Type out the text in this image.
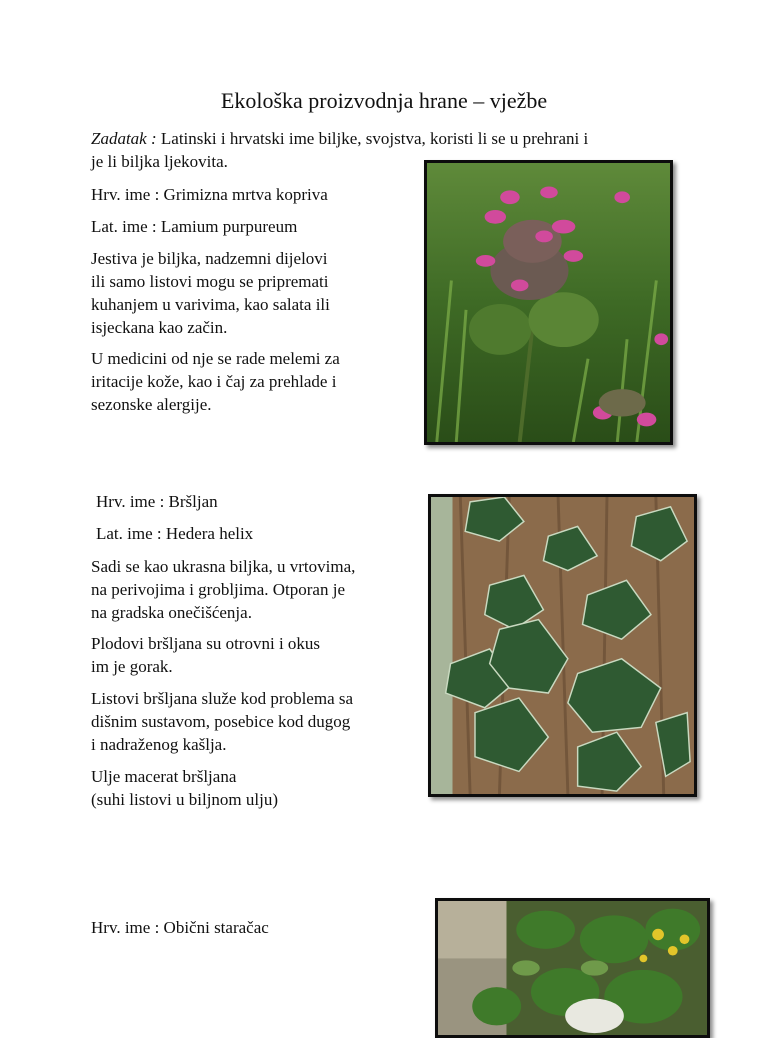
Ekološka proizvodnja hrane – vježbe
Zadatak : Latinski i hrvatski ime biljke, svojstva, koristi li se u prehrani i
je li biljka ljekovita.
Hrv. ime : Grimizna mrtva kopriva
Lat. ime : Lamium purpureum
Jestiva je biljka, nadzemni dijelovi
ili samo listovi mogu se pripremati
kuhanjem u varivima, kao salata ili
isjeckana kao začin.
U medicini od nje se rade melemi za
iritacije kože, kao i čaj za prehlade i
sezonske alergije.
Hrv. ime : Bršljan
Lat. ime : Hedera helix
Sadi se kao ukrasna biljka, u vrtovima,
na perivojima i grobljima. Otporan je
na gradska onečišćenja.
Plodovi bršljana su otrovni i okus
im je gorak.
Listovi bršljana služe kod problema sa
dišnim sustavom, posebice kod dugog
i nadraženog kašlja.
Ulje macerat bršljana
(suhi listovi u biljnom ulju)
Hrv. ime : Obični staračac
